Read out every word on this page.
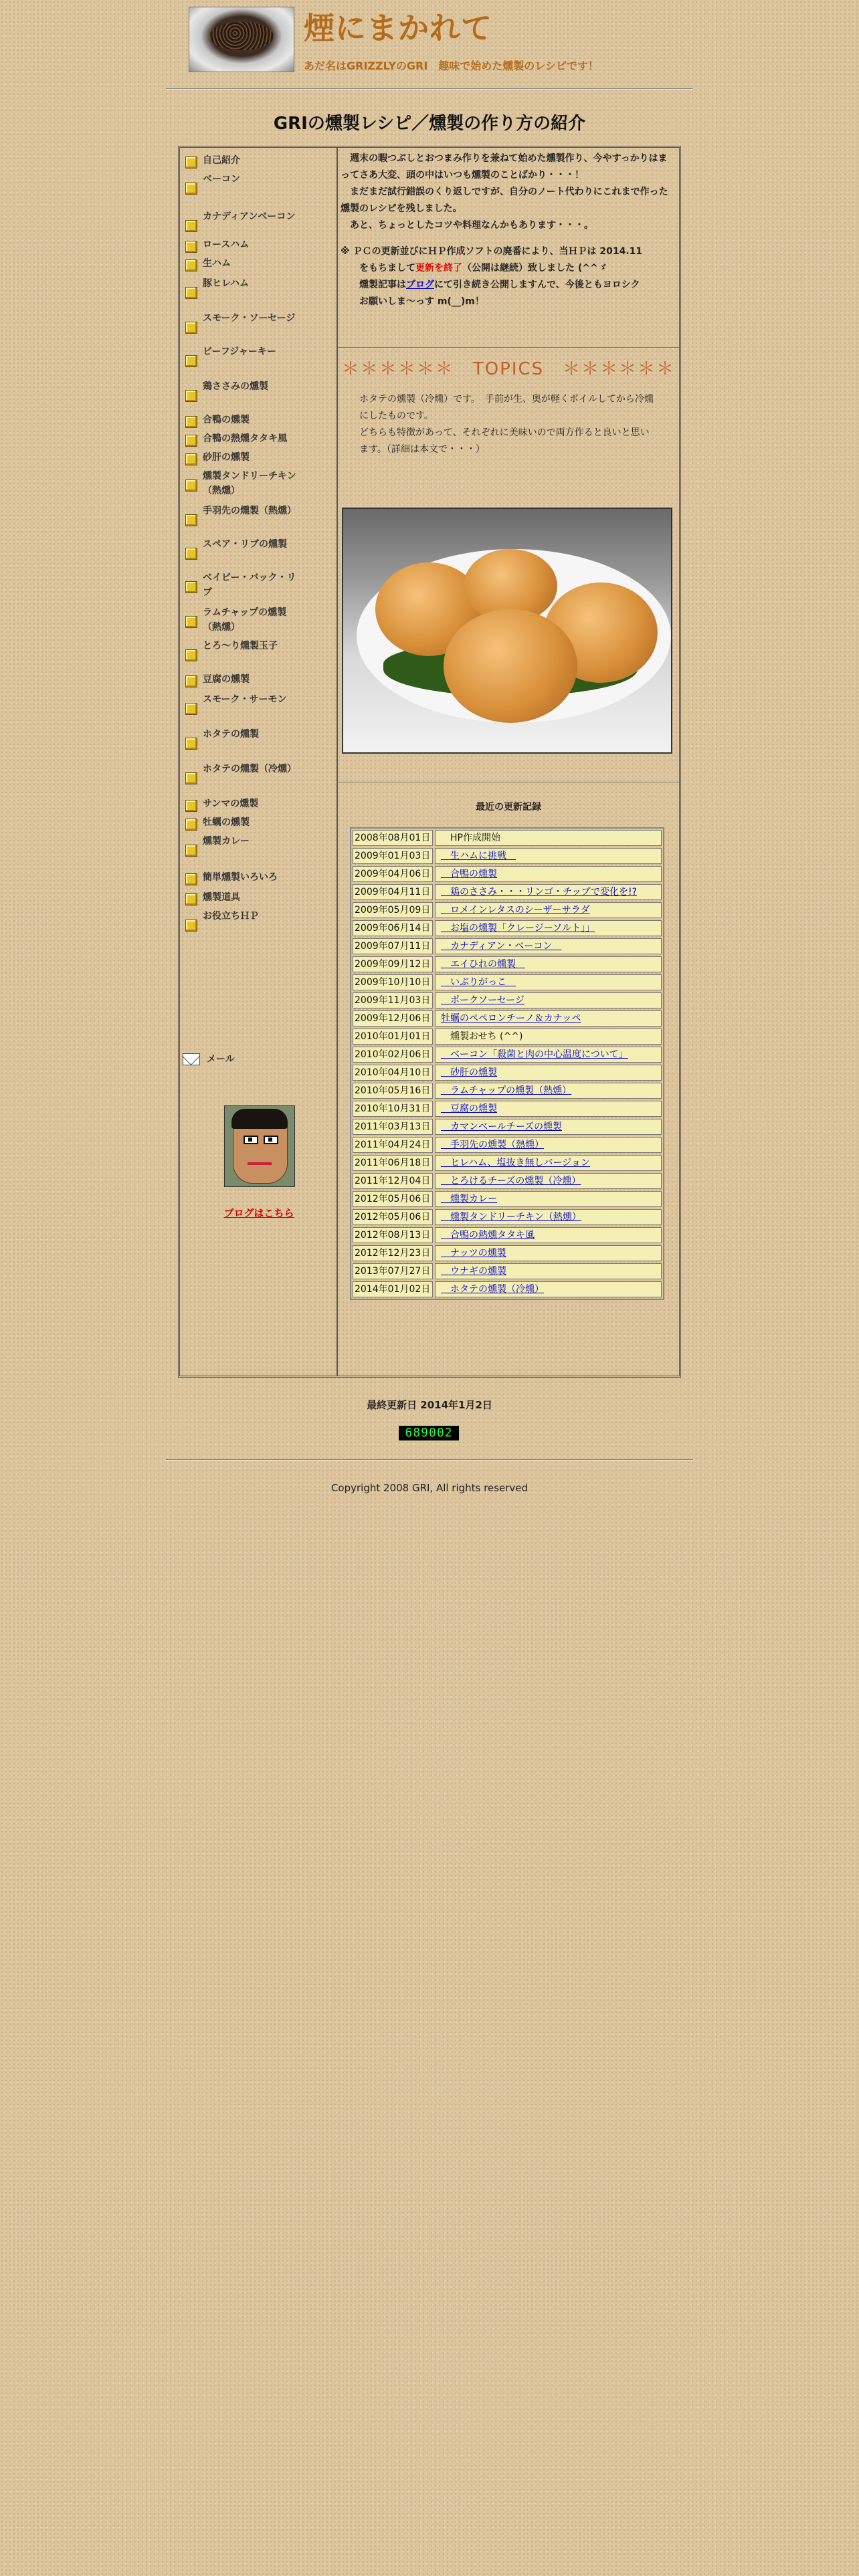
煙にまかれて
あだ名はGRIZZLYのGRI　趣味で始めた燻製のレシピです！
GRIの燻製レシピ／燻製の作り方の紹介
自己紹介
ベーコン
カナディアンベーコン
ロースハム
生ハム
豚ヒレハム
スモーク・ソーセージ
ビーフジャーキー
鶏ささみの燻製
合鴨の燻製
合鴨の熱燻タタキ風
砂肝の燻製
燻製タンドリーチキン（熱燻）
手羽先の燻製（熱燻）
スペア・リブの燻製
ベイビー・バック・リブ
ラムチャップの燻製（熱燻）
とろ～り燻製玉子
豆腐の燻製
スモーク・サーモン
ホタテの燻製
ホタテの燻製（冷燻）
サンマの燻製
牡蠣の燻製
燻製カレー
簡単燻製いろいろ
燻製道具
お役立ちＨＰ
メール
ブログはこちら

　週末の暇つぶしとおつまみ作りを兼ねて始めた燻製作り、今やすっかりはまってさあ大変、頭の中はいつも燻製のことばかり・・・！

　まだまだ試行錯誤のくり返しですが、自分のノート代わりにこれまで作った燻製のレシピを残しました。

　あと、ちょっとしたコツや料理なんかもあります・・・。

※ ＰＣの更新並びにＨＰ作成ソフトの廃番により、当ＨＰは 2014.11

　　をもちまして更新を終了（公開は継続）致しました (^^ゞ

　　燻製記事はブログにて引き続き公開しますんで、今後ともヨロシク

　　お願いしま～っす m(__)m！

＊＊＊＊＊＊　TOPICS　＊＊＊＊＊＊

　　ホタテの燻製（冷燻）です。　手前が生、奥が軽くボイルしてから冷燻

　　にしたものです。

　　どちらも特徴があって、それぞれに美味いので両方作ると良いと思い

　　ます。（詳細は本文で・・・）

最近の更新記録
2008年08月01日	　HP作成開始
2009年01月03日	　生ハムに挑戦　
2009年04月06日	　合鴨の燻製
2009年04月11日	　鶏のささみ・・・リンゴ・チップで変化を!?
2009年05月09日	　ロメインレタスのシーザーサラダ
2009年06月14日	　お塩の燻製「クレージーソルト」」
2009年07月11日	　カナディアン・ベーコン　
2009年09月12日	　エイひれの燻製　
2009年10月10日	　いぶりがっこ　
2009年11月03日	　ポークソーセージ
2009年12月06日	牡蠣のペペロンチーノ＆カナッペ
2010年01月01日	　燻製おせち (^^)
2010年02月06日	　ベーコン「殺菌と肉の中心温度について」
2010年04月10日	　砂肝の燻製
2010年05月16日	　ラムチャップの燻製（熱燻）
2010年10月31日	　豆腐の燻製
2011年03月13日	　カマンベールチーズの燻製
2011年04月24日	　手羽先の燻製（熱燻）
2011年06月18日	　ヒレハム、塩抜き無しバージョン
2011年12月04日	　とろけるチーズの燻製（冷燻）
2012年05月06日	　燻製カレー
2012年05月06日	　燻製タンドリーチキン（熱燻）
2012年08月13日	　合鴨の熱燻タタキ風
2012年12月23日	　ナッツの燻製
2013年07月27日	　ウナギの燻製
2014年01月02日	　ホタテの燻製（冷燻）
最終更新日 2014年1月2日
689002
Copyright 2008 GRI, All rights reserved
